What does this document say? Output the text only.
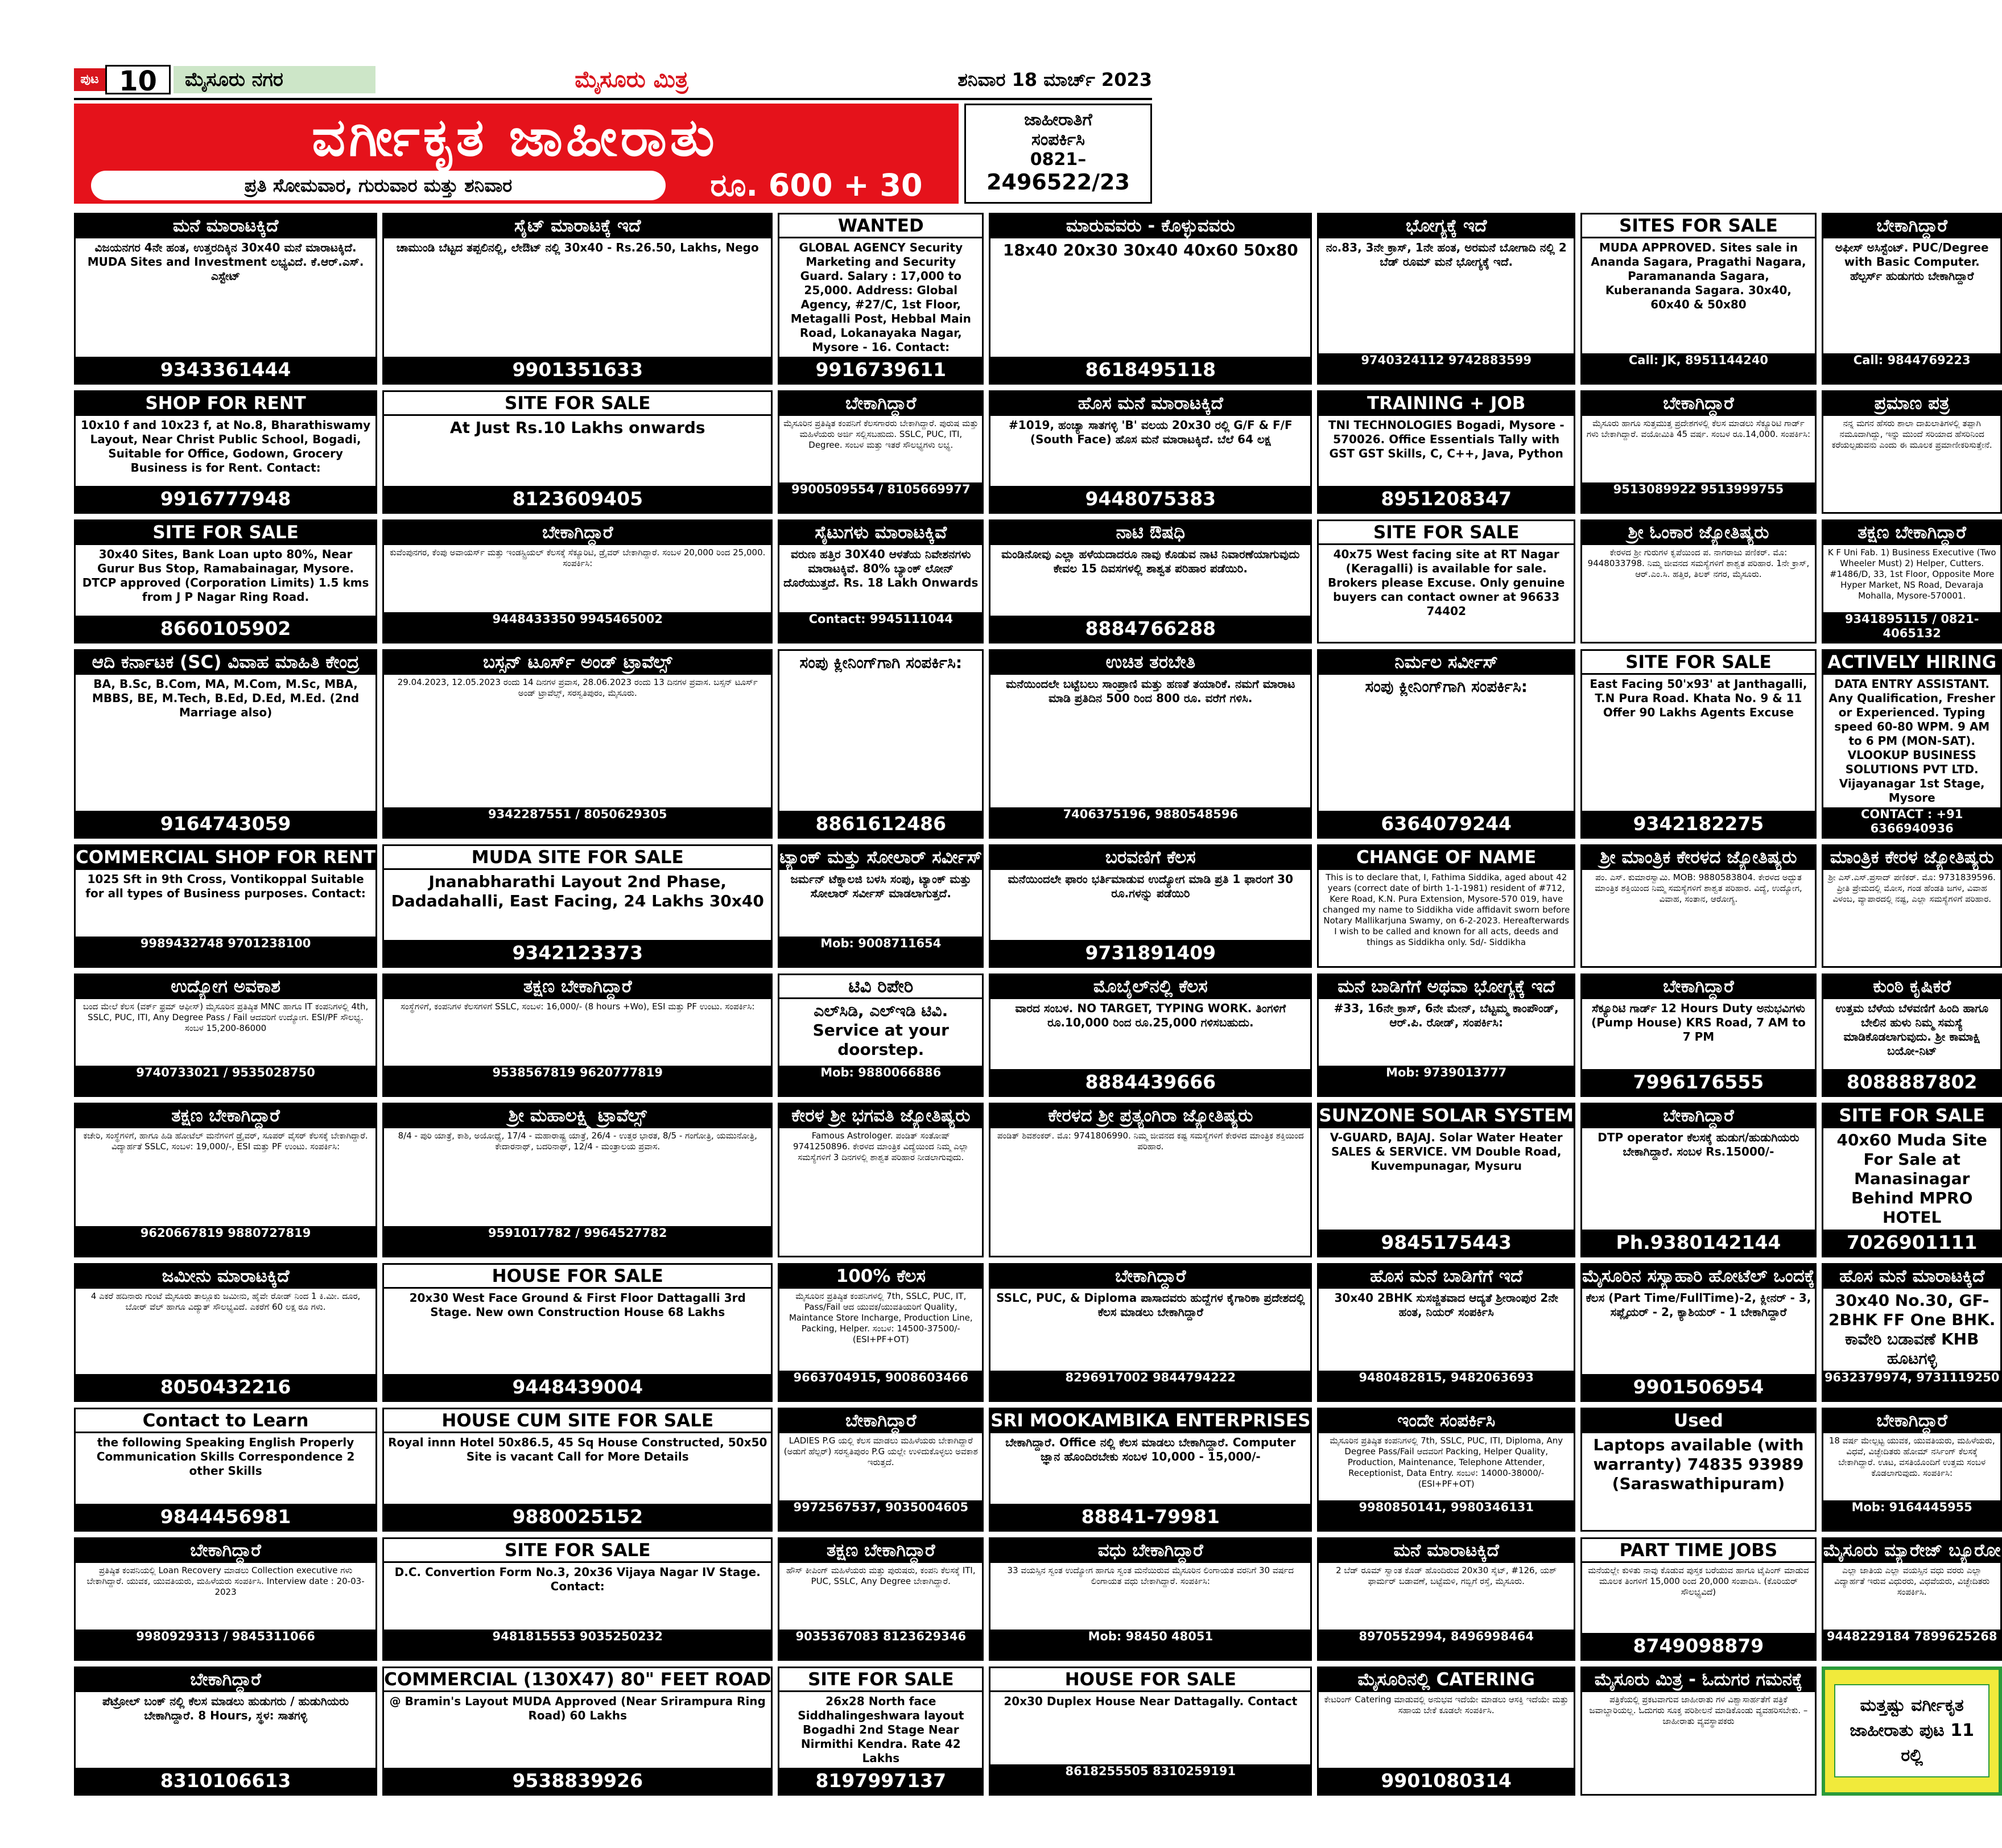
ಪುಟ 10	ಮೈಸೂರು ನಗರ	ಮೈಸೂರು ಮಿತ್ರ	ಶನಿವಾರ 18 ಮಾರ್ಚ್ 2023
ವರ್ಗೀಕೃತ ಜಾಹೀರಾತು
ಪ್ರತಿ ಸೋಮವಾರ, ಗುರುವಾರ ಮತ್ತು ಶನಿವಾರ	ರೂ. 600 + 30
ಜಾಹೀರಾತಿಗೆ
ಸಂಪರ್ಕಿಸಿ
0821–
2496522/23
ಮನೆ ಮಾರಾಟಕ್ಕಿದೆ
ವಿಜಯನಗರ 4ನೇ ಹಂತ, ಉತ್ತರದಿಕ್ಕಿನ 30x40 ಮನೆ ಮಾರಾಟಕ್ಕಿದೆ. MUDA Sites and Investment ಲಭ್ಯವಿದೆ. ಕೆ.ಆರ್.ಎಸ್. ಎಸ್ಟೇಟ್
9343361444
ಸೈಟ್ ಮಾರಾಟಕ್ಕೆ ಇದೆ
ಚಾಮುಂಡಿ ಬೆಟ್ಟದ ತಪ್ಪಲಿನಲ್ಲಿ, ಲೇಔಟ್ ನಲ್ಲಿ 30x40 - Rs.26.50, Lakhs, Nego
9901351633
WANTED
GLOBAL AGENCY Security Marketing and Security Guard. Salary : 17,000 to 25,000. Address: Global Agency, #27/C, 1st Floor, Metagalli Post, Hebbal Main Road, Lokanayaka Nagar, Mysore - 16. Contact:
9916739611
ಮಾರುವವರು - ಕೊಳ್ಳುವವರು
18x40 20x30 30x40 40x60 50x80
8618495118
ಭೋಗ್ಯಕ್ಕೆ ಇದೆ
ನಂ.83, 3ನೇ ಕ್ರಾಸ್, 1ನೇ ಹಂತ, ಅರಮನೆ ಬೋಗಾದಿ ನಲ್ಲಿ 2 ಬೆಡ್ ರೂಮ್ ಮನೆ ಭೋಗ್ಯಕ್ಕೆ ಇದೆ.
9740324112 9742883599
SITES FOR SALE
MUDA APPROVED. Sites sale in Ananda Sagara, Pragathi Nagara, Paramananda Sagara, Kuberananda Sagara. 30x40, 60x40 & 50x80
Call: JK, 8951144240
ಬೇಕಾಗಿದ್ದಾರೆ
ಅಫೀಸ್ ಅಸಿಸ್ಟೆಂಟ್. PUC/Degree with Basic Computer. ಹೆಲ್ಪರ್ಸ್ ಹುಡುಗರು ಬೇಕಾಗಿದ್ದಾರೆ
Call: 9844769223
SHOP FOR RENT
10x10 f and 10x23 f, at No.8, Bharathiswamy Layout, Near Christ Public School, Bogadi, Suitable for Office, Godown, Grocery Business is for Rent. Contact:
9916777948
SITE FOR SALE
At Just Rs.10 Lakhs onwards
8123609405
ಬೇಕಾಗಿದ್ದಾರೆ
ಮೈಸೂರಿನ ಪ್ರತಿಷ್ಠಿತ ಕಂಪನಿಗೆ ಕೆಲಸಗಾರರು ಬೇಕಾಗಿದ್ದಾರೆ. ಪುರುಷ ಮತ್ತು ಮಹಿಳೆಯರು ಅರ್ಜಿ ಸಲ್ಲಿಸಬಹುದು. SSLC, PUC, ITI, Degree. ಸಂಬಳ ಮತ್ತು ಇತರೆ ಸೌಲಭ್ಯಗಳು ಲಭ್ಯ.
9900509554 / 8105669977
ಹೊಸ ಮನೆ ಮಾರಾಟಕ್ಕಿದೆ
#1019, ಹಂಚ್ಯಾ ಸಾತಗಳ್ಳಿ 'B' ವಲಯ 20x30 ರಲ್ಲಿ G/F & F/F (South Face) ಹೊಸ ಮನೆ ಮಾರಾಟಕ್ಕಿದೆ. ಬೆಲೆ 64 ಲಕ್ಷ
9448075383
TRAINING + JOB
TNI TECHNOLOGIES Bogadi, Mysore - 570026. Office Essentials Tally with GST GST Skills, C, C++, Java, Python
8951208347
ಬೇಕಾಗಿದ್ದಾರೆ
ಮೈಸೂರು ಹಾಗೂ ಸುತ್ತಮುತ್ತ ಪ್ರದೇಶಗಳಲ್ಲಿ ಕೆಲಸ ಮಾಡಲು ಸೆಕ್ಯೂರಿಟಿ ಗಾರ್ಡ್ ಗಳು ಬೇಕಾಗಿದ್ದಾರೆ. ವಯೋಮಿತಿ 45 ವರ್ಷ. ಸಂಬಳ ರೂ.14,000. ಸಂಪರ್ಕಿಸಿ:
9513089922 9513999755
ಪ್ರಮಾಣ ಪತ್ರ
ನನ್ನ ಮಗನ ಹೆಸರು ಶಾಲಾ ದಾಖಲಾತಿಗಳಲ್ಲಿ ತಪ್ಪಾಗಿ ನಮೂದಾಗಿದ್ದು, ಇನ್ನು ಮುಂದೆ ಸರಿಯಾದ ಹೆಸರಿನಿಂದ ಕರೆಯಲ್ಪಡುವನು ಎಂದು ಈ ಮೂಲಕ ಪ್ರಮಾಣೀಕರಿಸುತ್ತೇನೆ.
SITE FOR SALE
30x40 Sites, Bank Loan upto 80%, Near Gurur Bus Stop, Ramabainagar, Mysore. DTCP approved (Corporation Limits) 1.5 kms from J P Nagar Ring Road.
8660105902
ಬೇಕಾಗಿದ್ದಾರೆ
ಕುವೆಂಪುನಗರ, ಕೆಂಪು ಅವಾಯರ್ಸ್ ಮತ್ತು ಇಂಡಸ್ಟ್ರಿಯಲ್ ಕೆಲಸಕ್ಕೆ ಸೆಕ್ಯೂರಿಟಿ, ಡ್ರೈವರ್ ಬೇಕಾಗಿದ್ದಾರೆ. ಸಂಬಳ 20,000 ರಿಂದ 25,000. ಸಂಪರ್ಕಿಸಿ:
9448433350 9945465002
ಸೈಟುಗಳು ಮಾರಾಟಕ್ಕಿವೆ
ವರುಣ ಹತ್ತಿರ 30X40 ಆಳತೆಯ ನಿವೇಶನಗಳು ಮಾರಾಟಕ್ಕಿವೆ. 80% ಬ್ಯಾಂಕ್ ಲೋನ್ ದೊರೆಯುತ್ತದೆ. Rs. 18 Lakh Onwards
Contact: 9945111044
ನಾಟಿ ಔಷಧಿ
ಮಂಡಿನೋವು ಎಲ್ಲಾ ಹಳೆಯದಾದರೂ ನಾವು ಕೊಡುವ ನಾಟಿ ನಿವಾರಣೆಯಾಗುವುದು ಕೇವಲ 15 ದಿವಸಗಳಲ್ಲಿ ಶಾಶ್ವತ ಪರಿಹಾರ ಪಡೆಯಿರಿ.
8884766288
SITE FOR SALE
40x75 West facing site at RT Nagar (Keragalli) is available for sale. Brokers please Excuse. Only genuine buyers can contact owner at 96633 74402
ಶ್ರೀ ಓಂಕಾರ ಜ್ಯೋತಿಷ್ಯರು
ಕೇರಳದ ಶ್ರೀ ಗುರುಗಳ ಕೃಪೆಯಿಂದ ಪ. ನಾಗರಾಜು ಪಣಿಕರ್. ಮೊ: 9448033798. ನಿಮ್ಮ ಜೀವನದ ಸಮಸ್ಯೆಗಳಿಗೆ ಶಾಶ್ವತ ಪರಿಹಾರ. 1ನೇ ಕ್ರಾಸ್, ಆರ್.ಎಂ.ಸಿ. ಹತ್ತಿರ, ತಿಲಕ್ ನಗರ, ಮೈಸೂರು.
ತಕ್ಷಣ ಬೇಕಾಗಿದ್ದಾರೆ
K F Uni Fab. 1) Business Executive (Two Wheeler Must) 2) Helper, Cutters. #1486/D, 33, 1st Floor, Opposite More Hyper Market, NS Road, Devaraja Mohalla, Mysore-570001.
9341895115 / 0821-4065132
ಆದಿ ಕರ್ನಾಟಕ (SC) ವಿವಾಹ ಮಾಹಿತಿ ಕೇಂದ್ರ
BA, B.Sc, B.Com, MA, M.Com, M.Sc, MBA, MBBS, BE, M.Tech, B.Ed, D.Ed, M.Ed. (2nd Marriage also)
9164743059
ಬಸ್ಸನ್ ಟೂರ್ಸ್ ಅಂಡ್ ಟ್ರಾವೆಲ್ಸ್
29.04.2023, 12.05.2023 ರಂದು 14 ದಿನಗಳ ಪ್ರವಾಸ, 28.06.2023 ರಂದು 13 ದಿನಗಳ ಪ್ರವಾಸ. ಬಸ್ಸನ್ ಟೂರ್ಸ್ ಅಂಡ್ ಟ್ರಾವೆಲ್ಸ್, ಸರಸ್ವತಿಪುರಂ, ಮೈಸೂರು.
9342287551 / 8050629305
ಸಂಪು ಕ್ಲೀನಿಂಗ್‌ಗಾಗಿ ಸಂಪರ್ಕಿಸಿ:
8861612486
ಉಚಿತ ತರಬೇತಿ
ಮನೆಯಿಂದಲೇ ಬಟ್ಟೆಬಲು ಸಾಂಪ್ರಾಣಿ ಮತ್ತು ಹಣತೆ ತಯಾರಿಕೆ. ನಮಗೆ ಮಾರಾಟ ಮಾಡಿ ಪ್ರತಿದಿನ 500 ರಿಂದ 800 ರೂ. ವರೆಗೆ ಗಳಿಸಿ.
7406375196, 9880548596
ನಿರ್ಮಲ ಸರ್ವೀಸ್
ಸಂಪು ಕ್ಲೀನಿಂಗ್‌ಗಾಗಿ ಸಂಪರ್ಕಿಸಿ:
6364079244
SITE FOR SALE
East Facing 50'x93' at Janthagalli, T.N Pura Road. Khata No. 9 & 11 Offer 90 Lakhs Agents Excuse
9342182275
ACTIVELY HIRING
DATA ENTRY ASSISTANT. Any Qualification, Fresher or Experienced. Typing speed 60-80 WPM. 9 AM to 6 PM (MON-SAT). VLOOKUP BUSINESS SOLUTIONS PVT LTD. Vijayanagar 1st Stage, Mysore
CONTACT : +91 6366940936
COMMERCIAL SHOP FOR RENT
1025 Sft in 9th Cross, Vontikoppal Suitable for all types of Business purposes. Contact:
9989432748 9701238100
MUDA SITE FOR SALE
Jnanabharathi Layout 2nd Phase, Dadadahalli, East Facing, 24 Lakhs 30x40
9342123373
ಟ್ಯಾಂಕ್ ಮತ್ತು ಸೋಲಾರ್ ಸರ್ವೀಸ್
ಜರ್ಮನ್ ಟೆಕ್ನಾಲಜಿ ಬಳಸಿ ಸಂಪು, ಟ್ಯಾಂಕ್ ಮತ್ತು ಸೋಲಾರ್ ಸರ್ವೀಸ್ ಮಾಡಲಾಗುತ್ತದೆ.
Mob: 9008711654
ಬರವಣಿಗೆ ಕೆಲಸ
ಮನೆಯಿಂದಲೇ ಫಾರಂ ಭರ್ತಿಮಾಡುವ ಉದ್ಯೋಗ ಮಾಡಿ ಪ್ರತಿ 1 ಫಾರಂಗೆ 30 ರೂ.ಗಳನ್ನು ಪಡೆಯಿರಿ
9731891409
CHANGE OF NAME
This is to declare that, I, Fathima Siddika, aged about 42 years (correct date of birth 1-1-1981) resident of #712, Kere Road, K.N. Pura Extension, Mysore-570 019, have changed my name to Siddikha vide affidavit sworn before Notary Mallikarjuna Swamy, on 6-2-2023. Hereafterwards I wish to be called and known for all acts, deeds and things as Siddikha only. Sd/- Siddikha
ಶ್ರೀ ಮಾಂತ್ರಿಕ ಕೇರಳದ ಜ್ಯೋತಿಷ್ಯರು
ಪಂ. ಎಸ್. ಕುಮಾರಸ್ವಾಮಿ. MOB: 9880583804. ಕೇರಳದ ಅದ್ಭುತ ಮಾಂತ್ರಿಕ ಶಕ್ತಿಯಿಂದ ನಿಮ್ಮ ಸಮಸ್ಯೆಗಳಿಗೆ ಶಾಶ್ವತ ಪರಿಹಾರ. ವಿದ್ಯೆ, ಉದ್ಯೋಗ, ವಿವಾಹ, ಸಂತಾನ, ಆರೋಗ್ಯ.
ಮಾಂತ್ರಿಕ ಕೇರಳ ಜ್ಯೋತಿಷ್ಯರು
ಶ್ರೀ ಎಸ್.ಎಸ್.ಪ್ರಸಾದ್ ಪಣಿಕರ್. ಮೊ: 9731839596. ಪ್ರೀತಿ ಪ್ರೇಮದಲ್ಲಿ ಮೋಸ, ಗಂಡ ಹೆಂಡತಿ ಜಗಳ, ವಿವಾಹ ವಿಳಂಬ, ವ್ಯಾಪಾರದಲ್ಲಿ ನಷ್ಟ, ಎಲ್ಲಾ ಸಮಸ್ಯೆಗಳಿಗೆ ಪರಿಹಾರ.
ಉದ್ಯೋಗ ಅವಕಾಶ
ಬಂದ ಮೇಲೆ ಕೆಲಸ (ವರ್ಕ್ ಫ್ರಮ್ ಆಫೀಸ್) ಮೈಸೂರಿನ ಪ್ರತಿಷ್ಠಿತ MNC ಹಾಗೂ IT ಕಂಪನಿಗಳಲ್ಲಿ 4th, SSLC, PUC, ITI, Any Degree Pass / Fail ಆದವರಿಗೆ ಉದ್ಯೋಗ. ESI/PF ಸೌಲಭ್ಯ. ಸಂಬಳ 15,200-86000
9740733021 / 9535028750
ತಕ್ಷಣ ಬೇಕಾಗಿದ್ದಾರೆ
ಸಂಸ್ಥೆಗಳಿಗೆ, ಕಂಪನಿಗಳ ಕೆಲಸಗಳಿಗೆ SSLC, ಸಂಬಳ: 16,000/- (8 hours +Wo), ESI ಮತ್ತು PF ಉಂಟು. ಸಂಪರ್ಕಿಸಿ:
9538567819 9620777819
ಟಿವಿ ರಿಪೇರಿ
ಎಲ್‌ಸಿಡಿ, ಎಲ್‌ಇಡಿ ಟಿವಿ. Service at your doorstep.
Mob: 9880066886
ಮೊಬೈಲ್‌ನಲ್ಲಿ ಕೆಲಸ
ವಾರದ ಸಂಬಳ. NO TARGET, TYPING WORK. ತಿಂಗಳಿಗೆ ರೂ.10,000 ರಿಂದ ರೂ.25,000 ಗಳಿಸಬಹುದು.
8884439666
ಮನೆ ಬಾಡಿಗೆಗೆ ಅಥವಾ ಭೋಗ್ಯಕ್ಕೆ ಇದೆ
#33, 16ನೇ ಕ್ರಾಸ್, 6ನೇ ಮೇನ್, ಬೆಟ್ಟಮ್ಮ ಕಾಂಪೌಂಡ್, ಆರ್.ಪಿ. ರೋಡ್, ಸಂಪರ್ಕಿಸಿ:
Mob: 9739013777
ಬೇಕಾಗಿದ್ದಾರೆ
ಸೆಕ್ಯೂರಿಟಿ ಗಾರ್ಡ್ 12 Hours Duty ಅನುಭವಿಗಳು (Pump House) KRS Road, 7 AM to 7 PM
7996176555
ಕುಂಠಿ ಕೃಷಿಕರೆ
ಉತ್ತಮ ಬೆಳೆಯ ಬೆಳವಣಿಗೆ ಹಿಂದಿ ಹಾಗೂ ಬೇಲಿನ ಹುಳು ನಿಮ್ಮ ಸಮಸ್ಯೆ ಮಾಡಿಕೊಡಲಾಗುವುದು. ಶ್ರೀ ಕಾಮಾಕ್ಷಿ ಬಯೋ-ನಿಟ್
8088887802
ತಕ್ಷಣ ಬೇಕಾಗಿದ್ದಾರೆ
ಕಚೇರಿ, ಸಂಸ್ಥೆಗಳಿಗೆ, ಹಾಗೂ ಹಿಡಿ ಹೋಟೆಲ್ ಮನೆಗಳಿಗೆ ಡ್ರೈವರ್, ಸೂಪರ್ ವೈಸರ್ ಕೆಲಸಕ್ಕೆ ಬೇಕಾಗಿದ್ದಾರೆ. ವಿದ್ಯಾರ್ಹತೆ SSLC, ಸಂಬಳ: 19,000/-, ESI ಮತ್ತು PF ಉಂಟು. ಸಂಪರ್ಕಿಸಿ:
9620667819 9880727819
ಶ್ರೀ ಮಹಾಲಕ್ಷ್ಮಿ ಟ್ರಾವೆಲ್ಸ್
8/4 - ಪುರಿ ಯಾತ್ರೆ, ಕಾಶಿ, ಅಯೋಧ್ಯೆ, 17/4 - ಮಹಾರಾಷ್ಟ್ರ ಯಾತ್ರೆ, 26/4 - ಉತ್ತರ ಭಾರತ, 8/5 - ಗಂಗೋತ್ರಿ, ಯಮುನೋತ್ರಿ, ಕೇದಾರನಾಥ್, ಬದರಿನಾಥ್, 12/4 - ಮಂತ್ರಾಲಯ ಪ್ರವಾಸ.
9591017782 / 9964527782
ಕೇರಳ ಶ್ರೀ ಭಗವತಿ ಜ್ಯೋತಿಷ್ಯರು
Famous Astrologer. ಪಂಡಿತ್ ಸಂತೋಷ್ 9741250896. ಕೇರಳದ ಮಾಂತ್ರಿಕ ವಿದ್ಯೆಯಿಂದ ನಿಮ್ಮ ಎಲ್ಲಾ ಸಮಸ್ಯೆಗಳಿಗೆ 3 ದಿನಗಳಲ್ಲಿ ಶಾಶ್ವತ ಪರಿಹಾರ ನೀಡಲಾಗುವುದು.
ಕೇರಳದ ಶ್ರೀ ಪ್ರತ್ಯಂಗಿರಾ ಜ್ಯೋತಿಷ್ಯರು
ಪಂಡಿತ್ ಶಿವಶಂಕರ್. ಮೊ: 9741806990. ನಿಮ್ಮ ಜೀವನದ ಕಷ್ಟ ಸಮಸ್ಯೆಗಳಿಗೆ ಕೇರಳದ ಮಾಂತ್ರಿಕ ಶಕ್ತಿಯಿಂದ ಪರಿಹಾರ.
SUNZONE SOLAR SYSTEM
V-GUARD, BAJAJ. Solar Water Heater SALES & SERVICE. VM Double Road, Kuvempunagar, Mysuru
9845175443
ಬೇಕಾಗಿದ್ದಾರೆ
DTP operator ಕೆಲಸಕ್ಕೆ ಹುಡುಗ/ಹುಡುಗಿಯರು ಬೇಕಾಗಿದ್ದಾರೆ. ಸಂಬಳ Rs.15000/-
Ph.9380142144
SITE FOR SALE
40x60 Muda Site For Sale at Manasinagar Behind MPRO HOTEL
7026901111
ಜಮೀನು ಮಾರಾಟಕ್ಕಿದೆ
4 ಎಕರೆ ಹದಿನಾರು ಗುಂಟೆ ಮೈಸೂರು ತಾಲ್ಲೂಕು ಜಮೀನು, ಹೈವೇ ರೋಡ್ ನಿಂದ 1 ಕಿ.ಮೀ. ದೂರ, ಬೋರ್ ವೆಲ್ ಹಾಗೂ ವಿದ್ಯುತ್ ಸೌಲಭ್ಯವಿದೆ. ಎಕರೆಗೆ 60 ಲಕ್ಷ ರೂ ಗಳು.
8050432216
HOUSE FOR SALE
20x30 West Face Ground & First Floor Dattagalli 3rd Stage. New own Construction House 68 Lakhs
9448439004
100% ಕೆಲಸ
ಮೈಸೂರಿನ ಪ್ರತಿಷ್ಠಿತ ಕಂಪನಿಗಳಲ್ಲಿ 7th, SSLC, PUC, IT, Pass/Fail ಆದ ಯುವಕ/ಯುವತಿಯರಿಗೆ Quality, Maintance Store Incharge, Production Line, Packing, Helper. ಸಂಬಳ: 14500-37500/- (ESI+PF+OT)
9663704915, 9008603466
ಬೇಕಾಗಿದ್ದಾರೆ
SSLC, PUC, & Diploma ಪಾಸಾದವರು ಹುದ್ದೆಗಳ ಕೈಗಾರಿಕಾ ಪ್ರದೇಶದಲ್ಲಿ ಕೆಲಸ ಮಾಡಲು ಬೇಕಾಗಿದ್ದಾರೆ
8296917002 9844794222
ಹೊಸ ಮನೆ ಬಾಡಿಗೆಗೆ ಇದೆ
30x40 2BHK ಸುಸಜ್ಜಿತವಾದ ಆದ್ಯತೆ ಶ್ರೀರಾಂಪುರ 2ನೇ ಹಂತ, ನಿಯರ್ ಸಂಪರ್ಕಿಸಿ
9480482815, 9482063693
ಮೈಸೂರಿನ ಸಸ್ಯಾಹಾರಿ ಹೋಟೆಲ್ ಒಂದಕ್ಕೆ
ಕೆಲಸ (Part Time/FullTime)-2, ಕ್ಲೀನರ್ - 3, ಸಪ್ಲೈಯರ್ - 2, ಕ್ಯಾಶಿಯರ್ - 1 ಬೇಕಾಗಿದ್ದಾರೆ
9901506954
ಹೊಸ ಮನೆ ಮಾರಾಟಕ್ಕಿದೆ
30x40 No.30, GF-2BHK FF One BHK. ಕಾವೇರಿ ಬಡಾವಣೆ KHB ಹೂಟಗಳ್ಳಿ
9632379974, 9731119250
Contact to Learn
the following Speaking English Properly Communication Skills Correspondence 2 other Skills
9844456981
HOUSE CUM SITE FOR SALE
Royal innn Hotel 50x86.5, 45 Sq House Constructed, 50x50 Site is vacant Call for More Details
9880025152
ಬೇಕಾಗಿದ್ದಾರೆ
LADIES P.G ಯಲ್ಲಿ ಕೆಲಸ ಮಾಡಲು ಮಹಿಳೆಯರು ಬೇಕಾಗಿದ್ದಾರೆ (ಅಡುಗೆ ಹೆಲ್ಪರ್) ಸರಸ್ವತಿಪುರಂ P.G ಯಲ್ಲೇ ಉಳಿದುಕೊಳ್ಳಲು ಅವಕಾಶ ಇರುತ್ತದೆ.
9972567537, 9035004605
SRI MOOKAMBIKA ENTERPRISES
ಬೇಕಾಗಿದ್ದಾರೆ. Office ನಲ್ಲಿ ಕೆಲಸ ಮಾಡಲು ಬೇಕಾಗಿದ್ದಾರೆ. Computer ಜ್ಞಾನ ಹೊಂದಿರಬೇಕು ಸಂಬಳ 10,000 - 15,000/-
88841-79981
ಇಂದೇ ಸಂಪರ್ಕಿಸಿ
ಮೈಸೂರಿನ ಪ್ರತಿಷ್ಠಿತ ಕಂಪನಿಗಳಲ್ಲಿ 7th, SSLC, PUC, ITI, Diploma, Any Degree Pass/Fail ಆದವರಿಗೆ Packing, Helper Quality, Production, Maintenance, Telephone Attender, Receptionist, Data Entry. ಸಂಬಳ: 14000-38000/- (ESI+PF+OT)
9980850141, 9980346131
Used
Laptops available (with warranty) 74835 93989 (Saraswathipuram)
ಬೇಕಾಗಿದ್ದಾರೆ
18 ವರ್ಷ ಮೇಲ್ಪಟ್ಟ ಯುವಕ, ಯುವತಿಯರು, ಮಹಿಳೆಯರು, ವಿಧವೆ, ವಿಚ್ಛೇದಿತರು ಹೋಮ್ ನರ್ಸಿಂಗ್ ಕೆಲಸಕ್ಕೆ ಬೇಕಾಗಿದ್ದಾರೆ. ಊಟ, ವಸತಿಯೊಂದಿಗೆ ಉತ್ತಮ ಸಂಬಳ ಕೊಡಲಾಗುವುದು. ಸಂಪರ್ಕಿಸಿ:
Mob: 9164445955
ಬೇಕಾಗಿದ್ದಾರೆ
ಪ್ರತಿಷ್ಠಿತ ಕಂಪನಿಯಲ್ಲಿ Loan Recovery ಮಾಡಲು Collection executive ಗಳು ಬೇಕಾಗಿದ್ದಾರೆ. ಯುವಕ, ಯುವತಿಯರು, ಮಹಿಳೆಯರು ಸಂಪರ್ಕಿಸಿ. Interview date : 20-03-2023
9980929313 / 9845311066
SITE FOR SALE
D.C. Convertion Form No.3, 20x36 Vijaya Nagar IV Stage. Contact:
9481815553 9035250232
ತಕ್ಷಣ ಬೇಕಾಗಿದ್ದಾರೆ
ಹೌಸ್ ಕೀಪಿಂಗ್ ಮಹಿಳೆಯರು ಮತ್ತು ಪುರುಷರು, ಕಂಪನಿ ಕೆಲಸಕ್ಕೆ ITI, PUC, SSLC, Any Degree ಬೇಕಾಗಿದ್ದಾರೆ.
9035367083 8123629346
ವಧು ಬೇಕಾಗಿದ್ದಾರೆ
33 ವಯಸ್ಸಿನ ಸ್ವಂತ ಉದ್ಯೋಗ ಹಾಗೂ ಸ್ವಂತ ಮನೆಯಿರುವ ಮೈಸೂರಿನ ಲಿಂಗಾಯತ ವರನಿಗೆ 30 ವರ್ಷದ ಲಿಂಗಾಯತ ವಧು ಬೇಕಾಗಿದ್ದಾರೆ. ಸಂಪರ್ಕಿಸಿ:
Mob: 98450 48051
ಮನೆ ಮಾರಾಟಕ್ಕಿದೆ
2 ಬೆಡ್ ರೂಮ್ ಸ್ವಾಂತ ಕೊಡ್ ಹೊಂದಿರುವ 20x30 ಸೈಟ್, #126, ಯಶ್ ಫಾರ್ಮರ್ ಬಡಾವಣೆ, ಬಟ್ಟೆಮಳಿ, ಗಬ್ಬಿಗೆ ರಸ್ತೆ, ಮೈಸೂರು.
8970552994, 8496998464
PART TIME JOBS
ಮನೆಯಲ್ಲೇ ಕುಳಿತು ನಾವು ಕೊಡುವ ಪುಸ್ತಕ ಬರೆಯುವ ಹಾಗೂ ಟೈಪಿಂಗ್ ಮಾಡುವ ಮೂಲಕ ತಿಂಗಳಿಗೆ 15,000 ರಿಂದ 20,000 ಸಂಪಾದಿಸಿ. (ಕೊರಿಯರ್ ಸೌಲಭ್ಯವಿದೆ)
8749098879
ಮೈಸೂರು ಮ್ಯಾರೇಜ್ ಬ್ಯೂರೋ
ಎಲ್ಲಾ ಜಾತಿಯ ಎಲ್ಲಾ ವಯಸ್ಸಿನ ವಧು ವರರು ಎಲ್ಲಾ ವಿದ್ಯಾರ್ಹತೆ ಇರುವ ವಿಧುರರು, ವಿಧವೆಯರು, ವಿಚ್ಛೇದಿತರು ಸಂಪರ್ಕಿಸಿ.
9448229184 7899625268
ಬೇಕಾಗಿದ್ದಾರೆ
ಪೆಟ್ರೋಲ್ ಬಂಕ್ ನಲ್ಲಿ ಕೆಲಸ ಮಾಡಲು ಹುಡುಗರು / ಹುಡುಗಿಯರು ಬೇಕಾಗಿದ್ದಾರೆ. 8 Hours, ಸ್ಥಳ: ಸಾತಗಳ್ಳಿ
8310106613
COMMERCIAL (130X47) 80" FEET ROAD
@ Bramin's Layout MUDA Approved (Near Srirampura Ring Road) 60 Lakhs
9538839926
SITE FOR SALE
26x28 North face Siddhalingeshwara layout Bogadhi 2nd Stage Near Nirmithi Kendra. Rate 42 Lakhs
8197997137
HOUSE FOR SALE
20x30 Duplex House Near Dattagally. Contact
8618255505 8310259191
ಮೈಸೂರಿನಲ್ಲಿ CATERING
ಕೇಟರಿಂಗ್ Catering ಮಾಡುವಲ್ಲಿ ಅನುಭವ ಇದೆಯೇ ಮಾಡಲು ಆಸಕ್ತಿ ಇದೆಯೇ ಮತ್ತು ಸಹಾಯ ಬೇಕೆ ಕೂಡಲೇ ಸಂಪರ್ಕಿಸಿ.
9901080314
ಮೈಸೂರು ಮಿತ್ರ - ಓದುಗರ ಗಮನಕ್ಕೆ
ಪತ್ರಿಕೆಯಲ್ಲಿ ಪ್ರಕಟವಾಗುವ ಜಾಹೀರಾತು ಗಳ ವಿಶ್ವಾಸಾರ್ಹತೆಗೆ ಪತ್ರಿಕೆ ಜವಾಬ್ದಾರಿಯಲ್ಲ. ಓದುಗರು ಸೂಕ್ತ ಪರಿಶೀಲನೆ ಮಾಡಿಕೊಂಡು ವ್ಯವಹರಿಸಬೇಕು. –ಜಾಹೀರಾತು ವ್ಯವಸ್ಥಾಪಕರು
ಮತ್ತಷ್ಟು ವರ್ಗೀಕೃತ ಜಾಹೀರಾತು ಪುಟ 11 ರಲ್ಲಿ
